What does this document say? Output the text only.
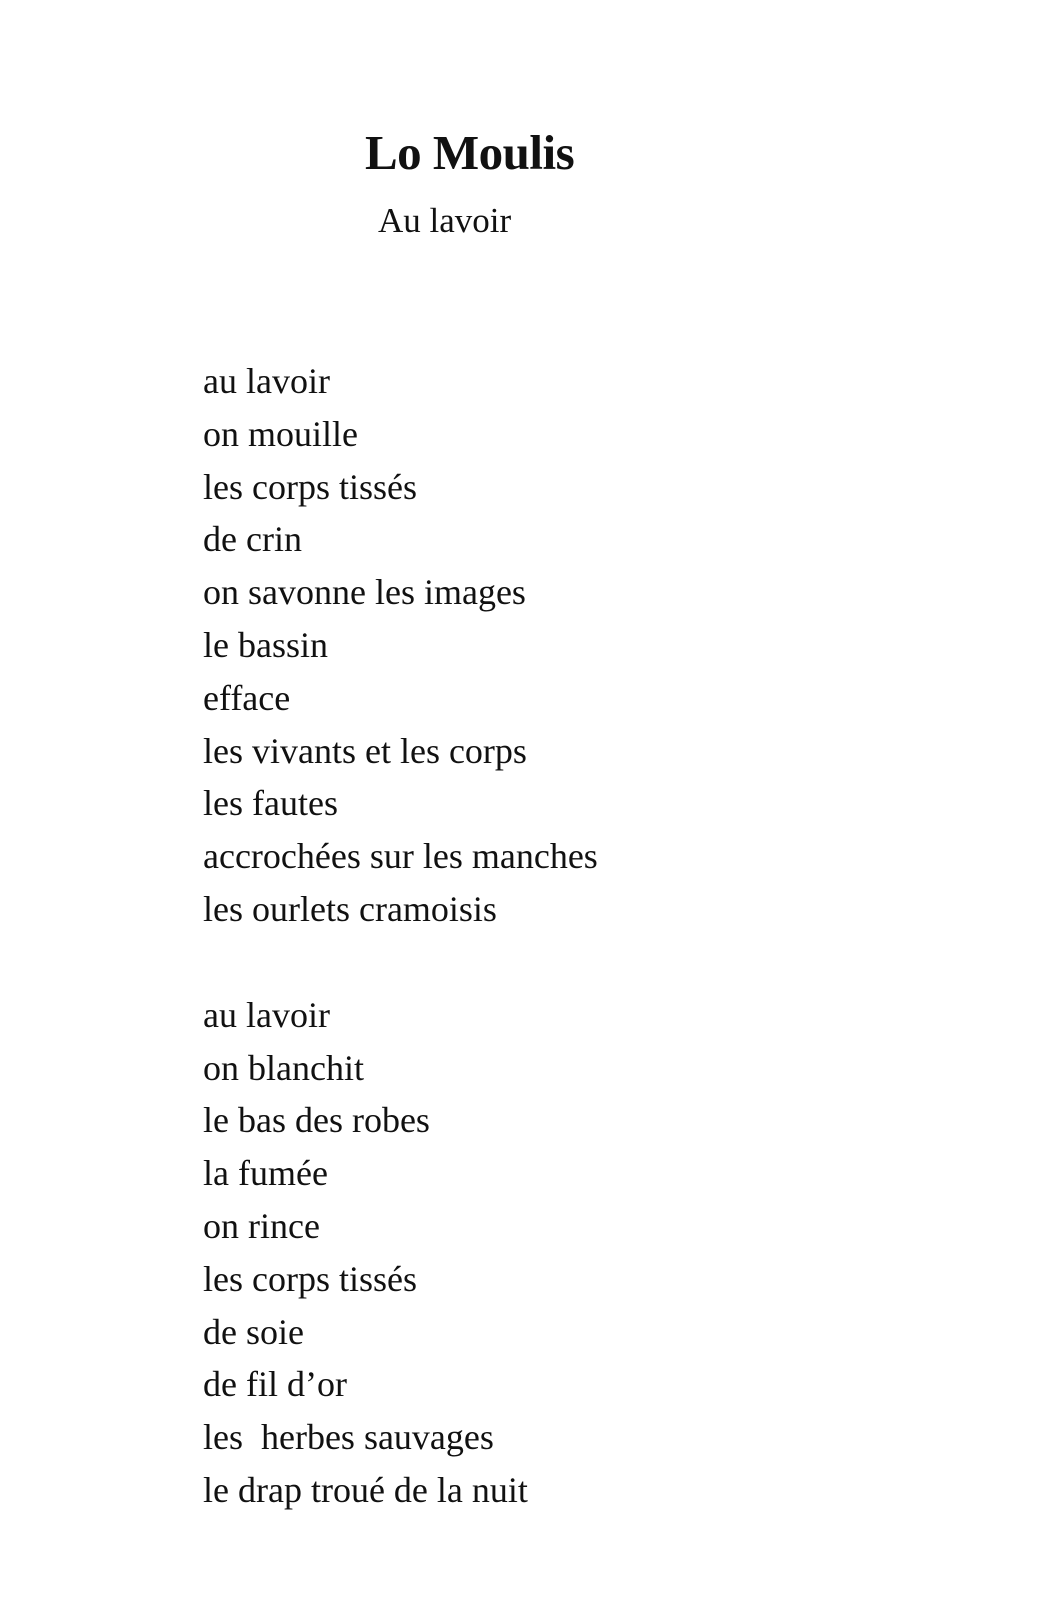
Lo Moulis
Au lavoir
au lavoir
on mouille
les corps tissés
de crin
on savonne les images
le bassin
efface
les vivants et les corps
les fautes
accrochées sur les manches
les ourlets cramoisis
au lavoir
on blanchit
le bas des robes
la fumée
on rince
les corps tissés
de soie
de fil d’or
les  herbes sauvages
le drap troué de la nuit
